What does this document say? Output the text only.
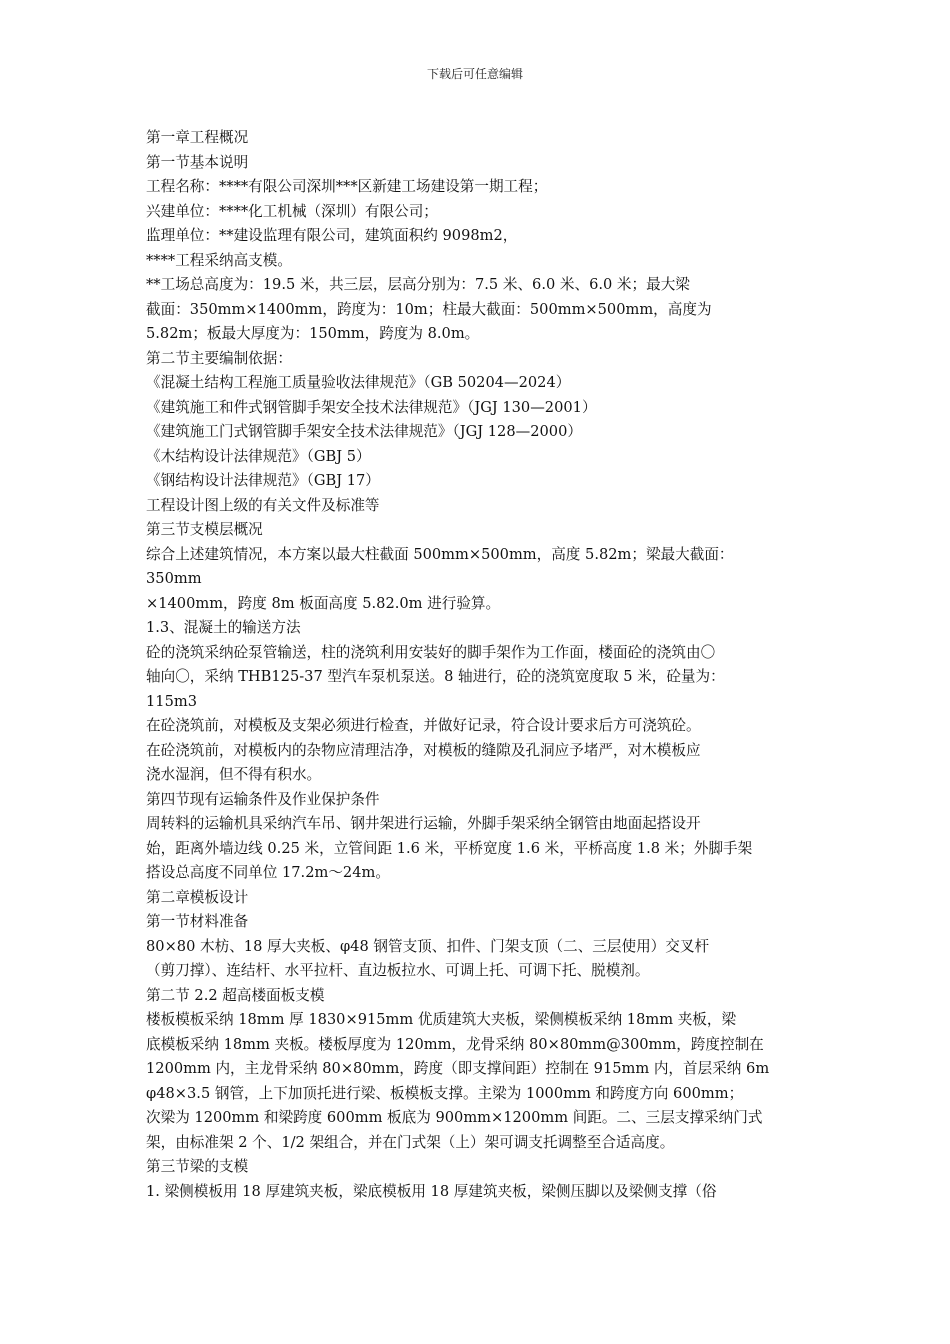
下载后可任意编辑
第一章工程概况
第一节基本说明
工程名称：****有限公司深圳***区新建工场建设第一期工程；
兴建单位：****化工机械（深圳）有限公司；
监理单位：**建设监理有限公司，建筑面积约 9098m2，
****工程采纳高支模。
**工场总高度为：19.5 米，共三层，层高分别为：7.5 米、6.0 米、6.0 米；最大梁
截面：350mm×1400mm，跨度为：10m；柱最大截面：500mm×500mm，高度为
5.82m；板最大厚度为：150mm，跨度为 8.0m。
第二节主要编制依据：
《混凝土结构工程施工质量验收法律规范》（GB 50204—2024）
《建筑施工和件式钢管脚手架安全技术法律规范》（JGJ 130—2001）
《建筑施工门式钢管脚手架安全技术法律规范》（JGJ 128—2000）
《木结构设计法律规范》（GBJ 5）
《钢结构设计法律规范》（GBJ 17）
工程设计图上级的有关文件及标准等
第三节支模层概况
综合上述建筑情况，本方案以最大柱截面 500mm×500mm，高度 5.82m；梁最大截面：
350mm
×1400mm，跨度 8m 板面高度 5.82.0m 进行验算。
1.3、混凝土的输送方法
砼的浇筑采纳砼泵管输送，柱的浇筑利用安装好的脚手架作为工作面，楼面砼的浇筑由〇
轴向〇，采纳 THB125-37 型汽车泵机泵送。8 轴进行，砼的浇筑宽度取 5 米，砼量为：
115m3
在砼浇筑前，对模板及支架必须进行检查，并做好记录，符合设计要求后方可浇筑砼。
在砼浇筑前，对模板内的杂物应清理洁净，对模板的缝隙及孔洞应予堵严，对木模板应
浇水湿润，但不得有积水。
第四节现有运输条件及作业保护条件
周转料的运输机具采纳汽车吊、钢井架进行运输，外脚手架采纳全钢管由地面起搭设开
始，距离外墙边线 0.25 米，立管间距 1.6 米，平桥宽度 1.6 米，平桥高度 1.8 米；外脚手架
搭设总高度不同单位 17.2m～24m。
第二章模板设计
第一节材料准备
80×80 木枋、18 厚大夹板、φ48 钢管支顶、扣件、门架支顶（二、三层使用）交叉杆
（剪刀撑）、连结杆、水平拉杆、直边板拉水、可调上托、可调下托、脱模剂。
第二节 2.2 超高楼面板支模
楼板模板采纳 18mm 厚 1830×915mm 优质建筑大夹板，梁侧模板采纳 18mm 夹板，梁
底模板采纳 18mm 夹板。楼板厚度为 120mm，龙骨采纳 80×80mm@300mm，跨度控制在
1200mm 内，主龙骨采纳 80×80mm，跨度（即支撑间距）控制在 915mm 内，首层采纳 6m
φ48×3.5 钢管，上下加顶托进行梁、板模板支撑。主梁为 1000mm 和跨度方向 600mm；
次梁为 1200mm 和梁跨度 600mm 板底为 900mm×1200mm 间距。二、三层支撑采纳门式
架，由标准架 2 个、1/2 架组合，并在门式架（上）架可调支托调整至合适高度。
第三节梁的支模
1. 梁侧模板用 18 厚建筑夹板，梁底模板用 18 厚建筑夹板，梁侧压脚以及梁侧支撑（俗
